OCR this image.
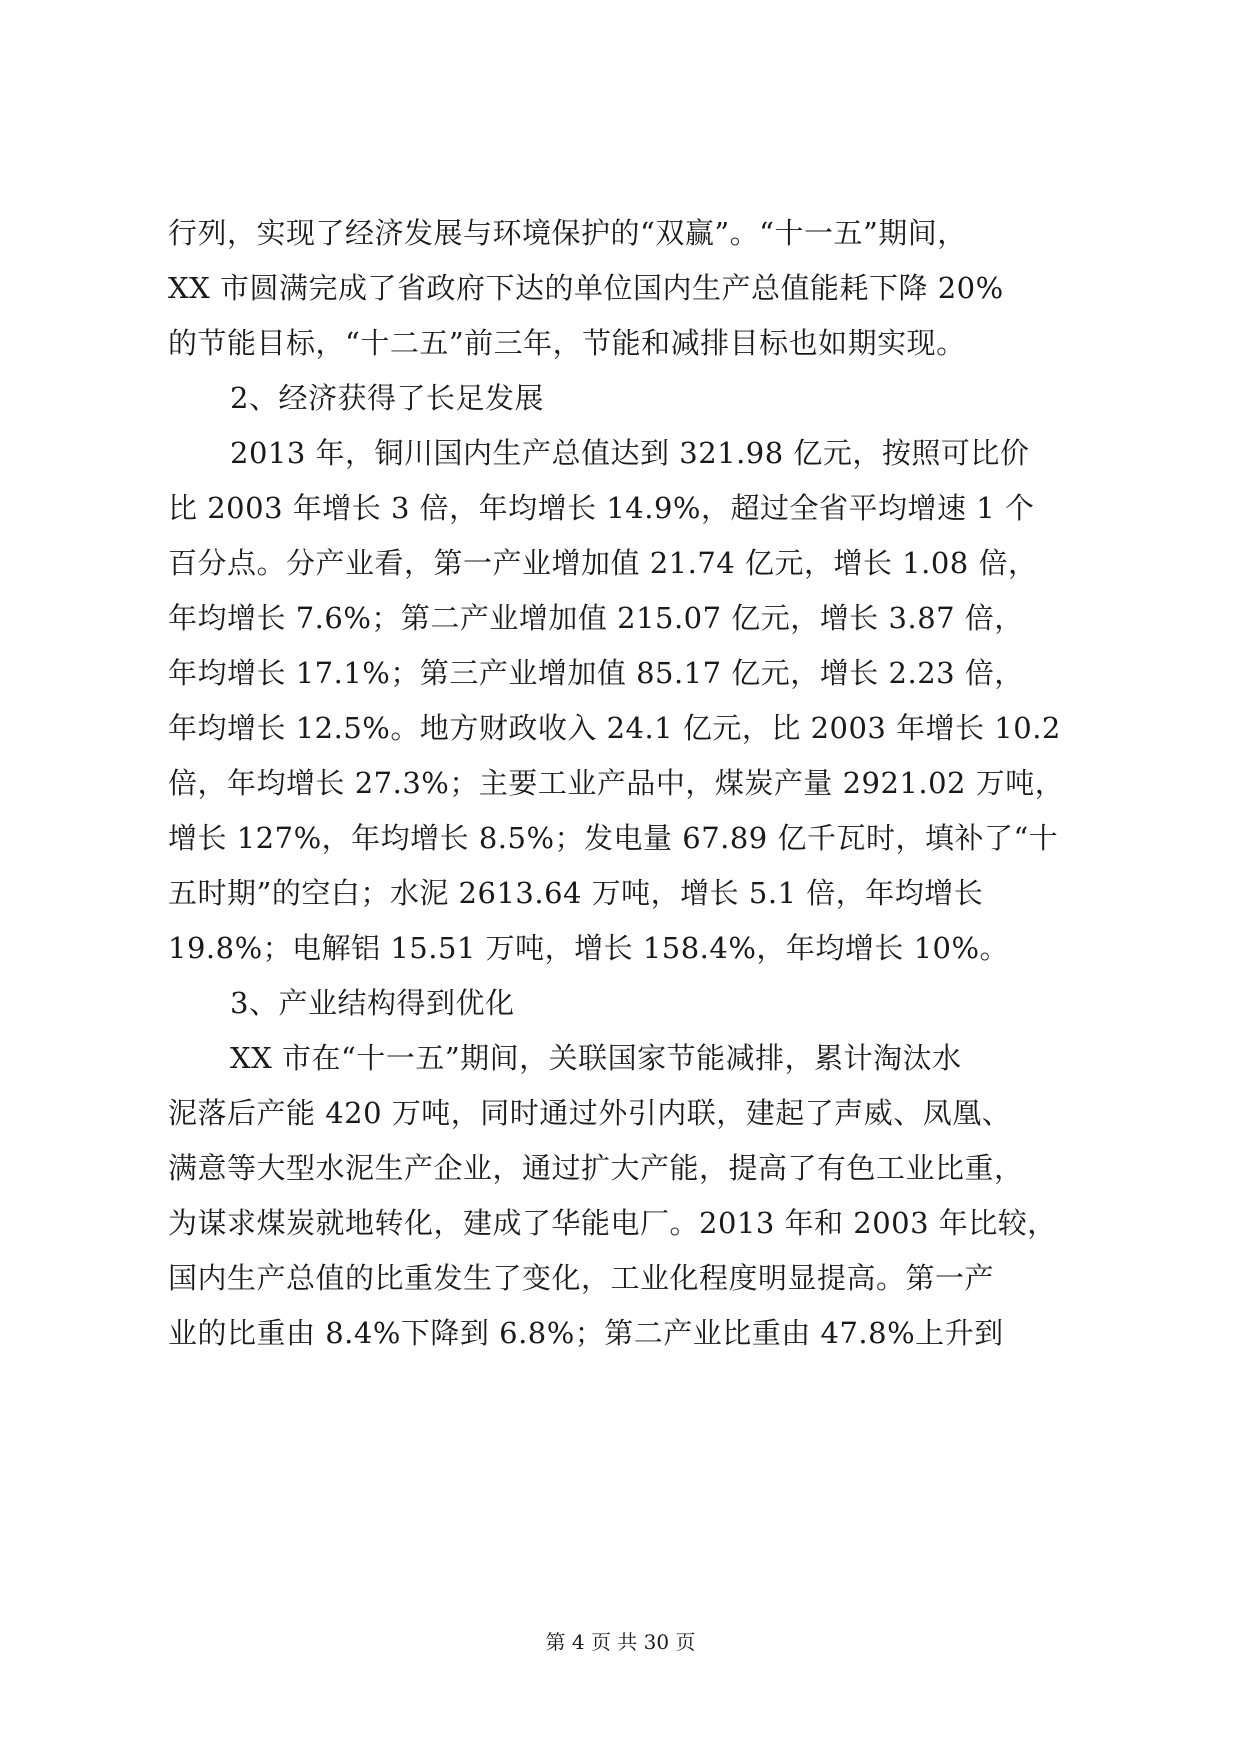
行列，实现了经济发展与环境保护的“双赢”。“十一五”期间，
XX 市圆满完成了省政府下达的单位国内生产总值能耗下降 20%
的节能目标，“十二五”前三年，节能和减排目标也如期实现。
2、经济获得了长足发展
2013 年，铜川国内生产总值达到 321.98 亿元，按照可比价
比 2003 年增长 3 倍，年均增长 14.9%，超过全省平均增速 1 个
百分点。分产业看，第一产业增加值 21.74 亿元，增长 1.08 倍，
年均增长 7.6%；第二产业增加值 215.07 亿元，增长 3.87 倍，
年均增长 17.1%；第三产业增加值 85.17 亿元，增长 2.23 倍，
年均增长 12.5%。地方财政收入 24.1 亿元，比 2003 年增长 10.2
倍，年均增长 27.3%；主要工业产品中，煤炭产量 2921.02 万吨，
增长 127%，年均增长 8.5%；发电量 67.89 亿千瓦时，填补了“十
五时期”的空白；水泥 2613.64 万吨，增长 5.1 倍，年均增长
19.8%；电解铝 15.51 万吨，增长 158.4%，年均增长 10%。
3、产业结构得到优化
XX 市在“十一五”期间，关联国家节能减排，累计淘汰水
泥落后产能 420 万吨，同时通过外引内联，建起了声威、凤凰、
满意等大型水泥生产企业，通过扩大产能，提高了有色工业比重，
为谋求煤炭就地转化，建成了华能电厂。2013 年和 2003 年比较，
国内生产总值的比重发生了变化，工业化程度明显提高。第一产
业的比重由 8.4%下降到 6.8%；第二产业比重由 47.8%上升到
第 4 页 共 30 页
